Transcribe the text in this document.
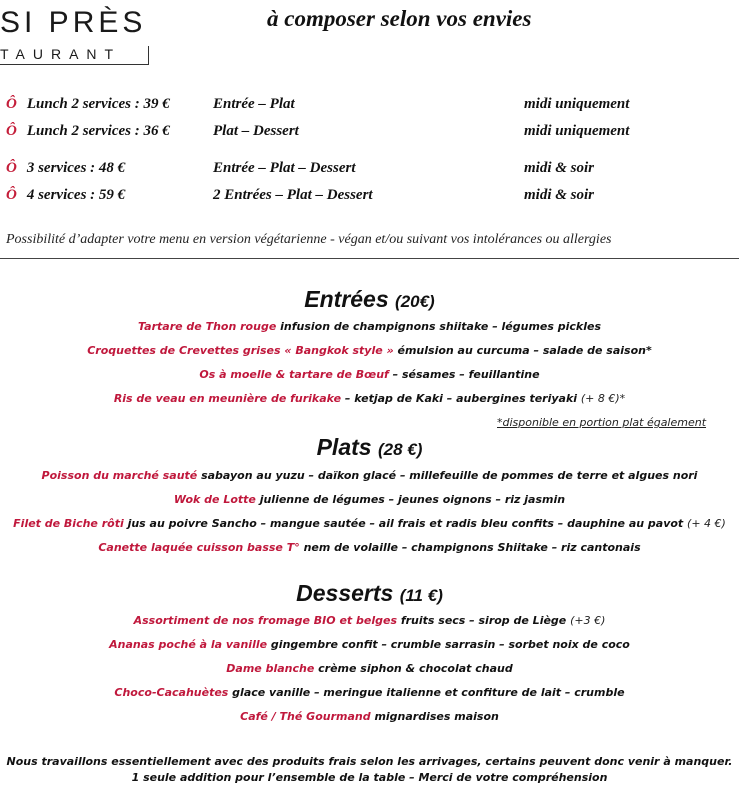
SI PRÈS
TAURANT
à composer selon vos envies
Ô Lunch 2 services : 39 €	Entrée – Plat	midi uniquement
Ô Lunch 2 services : 36 €	Plat – Dessert	midi uniquement
Ô 3 services : 48 €	Entrée – Plat – Dessert	midi & soir
Ô 4 services : 59 €	2 Entrées – Plat – Dessert	midi & soir
Possibilité d’adapter votre menu en version végétarienne - végan et/ou suivant vos intolérances ou allergies
Entrées (20€)
Tartare de Thon rouge infusion de champignons shiitake – légumes pickles
Croquettes de Crevettes grises « Bangkok style » émulsion au curcuma – salade de saison*
Os à moelle & tartare de Bœuf – sésames – feuillantine
Ris de veau en meunière de furikake – ketjap de Kaki – aubergines teriyaki (+ 8 €)*
*disponible en portion plat également
Plats (28 €)
Poisson du marché sauté sabayon au yuzu – daïkon glacé – millefeuille de pommes de terre et algues nori
Wok de Lotte julienne de légumes – jeunes oignons – riz jasmin
Filet de Biche rôti jus au poivre Sancho – mangue sautée – ail frais et radis bleu confits – dauphine au pavot (+ 4 €)
Canette laquée cuisson basse T° nem de volaille – champignons Shiitake – riz cantonais
Desserts (11 €)
Assortiment de nos fromage BIO et belges fruits secs – sirop de Liège (+3 €)
Ananas poché à la vanille gingembre confit – crumble sarrasin – sorbet noix de coco
Dame blanche crème siphon & chocolat chaud
Choco-Cacahuètes glace vanille – meringue italienne et confiture de lait – crumble
Café / Thé Gourmand mignardises maison
Nous travaillons essentiellement avec des produits frais selon les arrivages, certains peuvent donc venir à manquer.
1 seule addition pour l’ensemble de la table – Merci de votre compréhension
